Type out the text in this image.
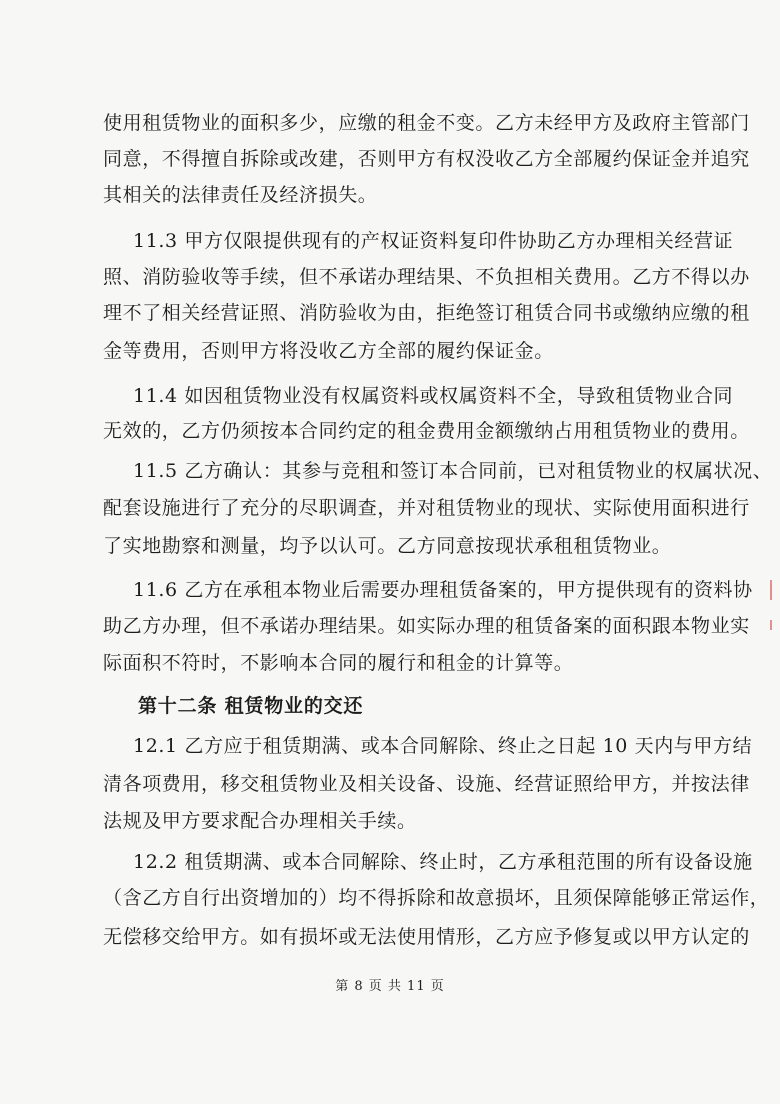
使用租赁物业的面积多少，应缴的租金不变。乙方未经甲方及政府主管部门
同意，不得擅自拆除或改建，否则甲方有权没收乙方全部履约保证金并追究
其相关的法律责任及经济损失。
11.3 甲方仅限提供现有的产权证资料复印件协助乙方办理相关经营证
照、消防验收等手续，但不承诺办理结果、不负担相关费用。乙方不得以办
理不了相关经营证照、消防验收为由，拒绝签订租赁合同书或缴纳应缴的租
金等费用，否则甲方将没收乙方全部的履约保证金。
11.4 如因租赁物业没有权属资料或权属资料不全，导致租赁物业合同
无效的，乙方仍须按本合同约定的租金费用金额缴纳占用租赁物业的费用。
11.5 乙方确认：其参与竞租和签订本合同前，已对租赁物业的权属状况、
配套设施进行了充分的尽职调查，并对租赁物业的现状、实际使用面积进行
了实地勘察和测量，均予以认可。乙方同意按现状承租租赁物业。
11.6 乙方在承租本物业后需要办理租赁备案的，甲方提供现有的资料协
助乙方办理，但不承诺办理结果。如实际办理的租赁备案的面积跟本物业实
际面积不符时，不影响本合同的履行和租金的计算等。
第十二条 租赁物业的交还
12.1 乙方应于租赁期满、或本合同解除、终止之日起 10 天内与甲方结
清各项费用，移交租赁物业及相关设备、设施、经营证照给甲方，并按法律
法规及甲方要求配合办理相关手续。
12.2 租赁期满、或本合同解除、终止时，乙方承租范围的所有设备设施
（含乙方自行出资增加的）均不得拆除和故意损坏，且须保障能够正常运作，
无偿移交给甲方。如有损坏或无法使用情形，乙方应予修复或以甲方认定的
第 8 页 共 11 页
